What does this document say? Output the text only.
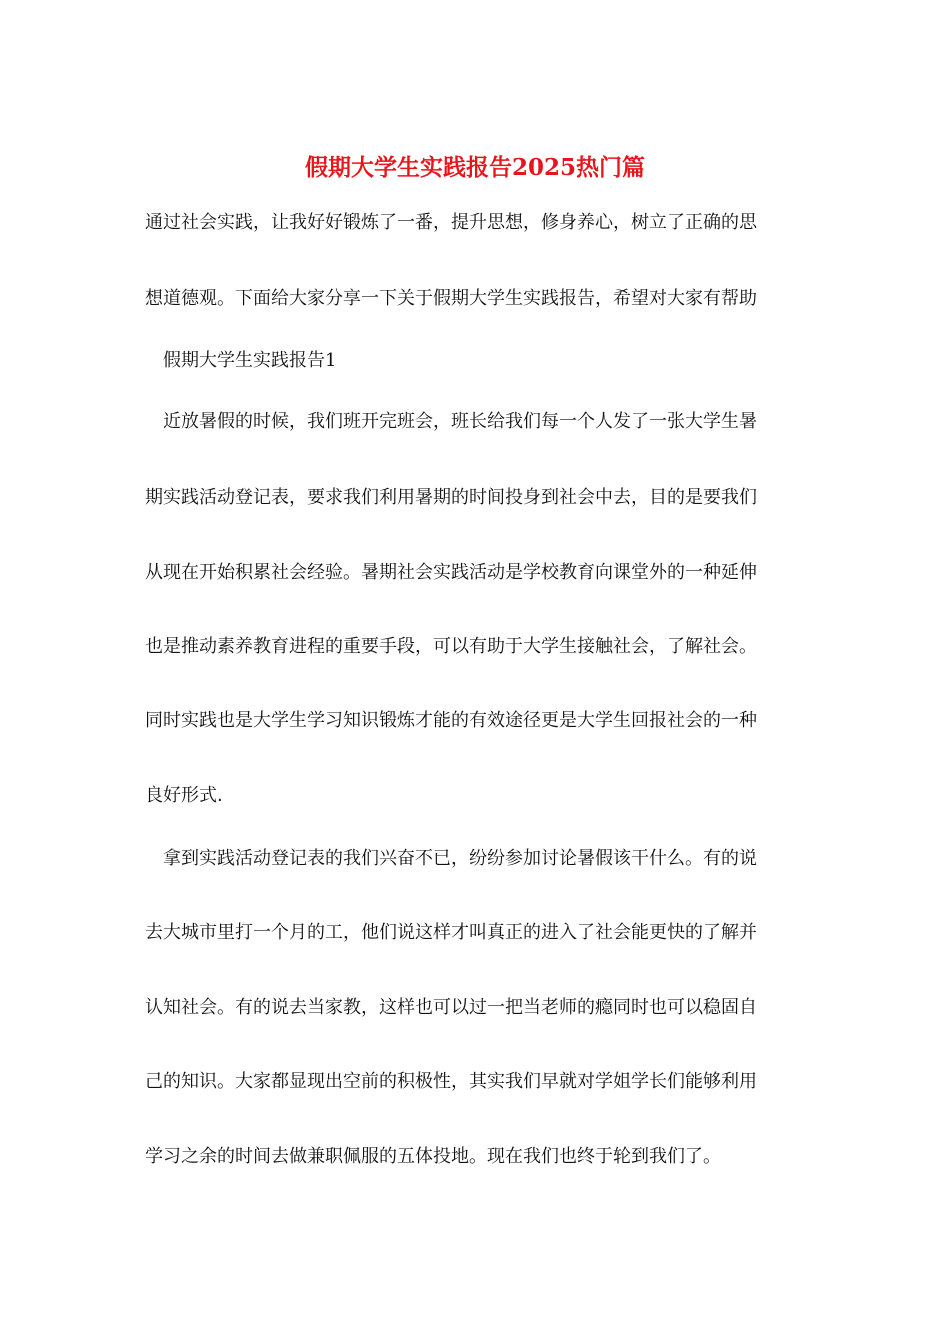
假期大学生实践报告2025热门篇

通过社会实践，让我好好锻炼了一番，提升思想，修身养心，树立了正确的思

想道德观。下面给大家分享一下关于假期大学生实践报告，希望对大家有帮助

假期大学生实践报告1

近放暑假的时候，我们班开完班会，班长给我们每一个人发了一张大学生暑

期实践活动登记表，要求我们利用暑期的时间投身到社会中去，目的是要我们

从现在开始积累社会经验。暑期社会实践活动是学校教育向课堂外的一种延伸

也是推动素养教育进程的重要手段，可以有助于大学生接触社会，了解社会。

同时实践也是大学生学习知识锻炼才能的有效途径更是大学生回报社会的一种

良好形式.

拿到实践活动登记表的我们兴奋不已，纷纷参加讨论暑假该干什么。有的说

去大城市里打一个月的工，他们说这样才叫真正的进入了社会能更快的了解并

认知社会。有的说去当家教，这样也可以过一把当老师的瘾同时也可以稳固自

己的知识。大家都显现出空前的积极性，其实我们早就对学姐学长们能够利用

学习之余的时间去做兼职佩服的五体投地。现在我们也终于轮到我们了。
